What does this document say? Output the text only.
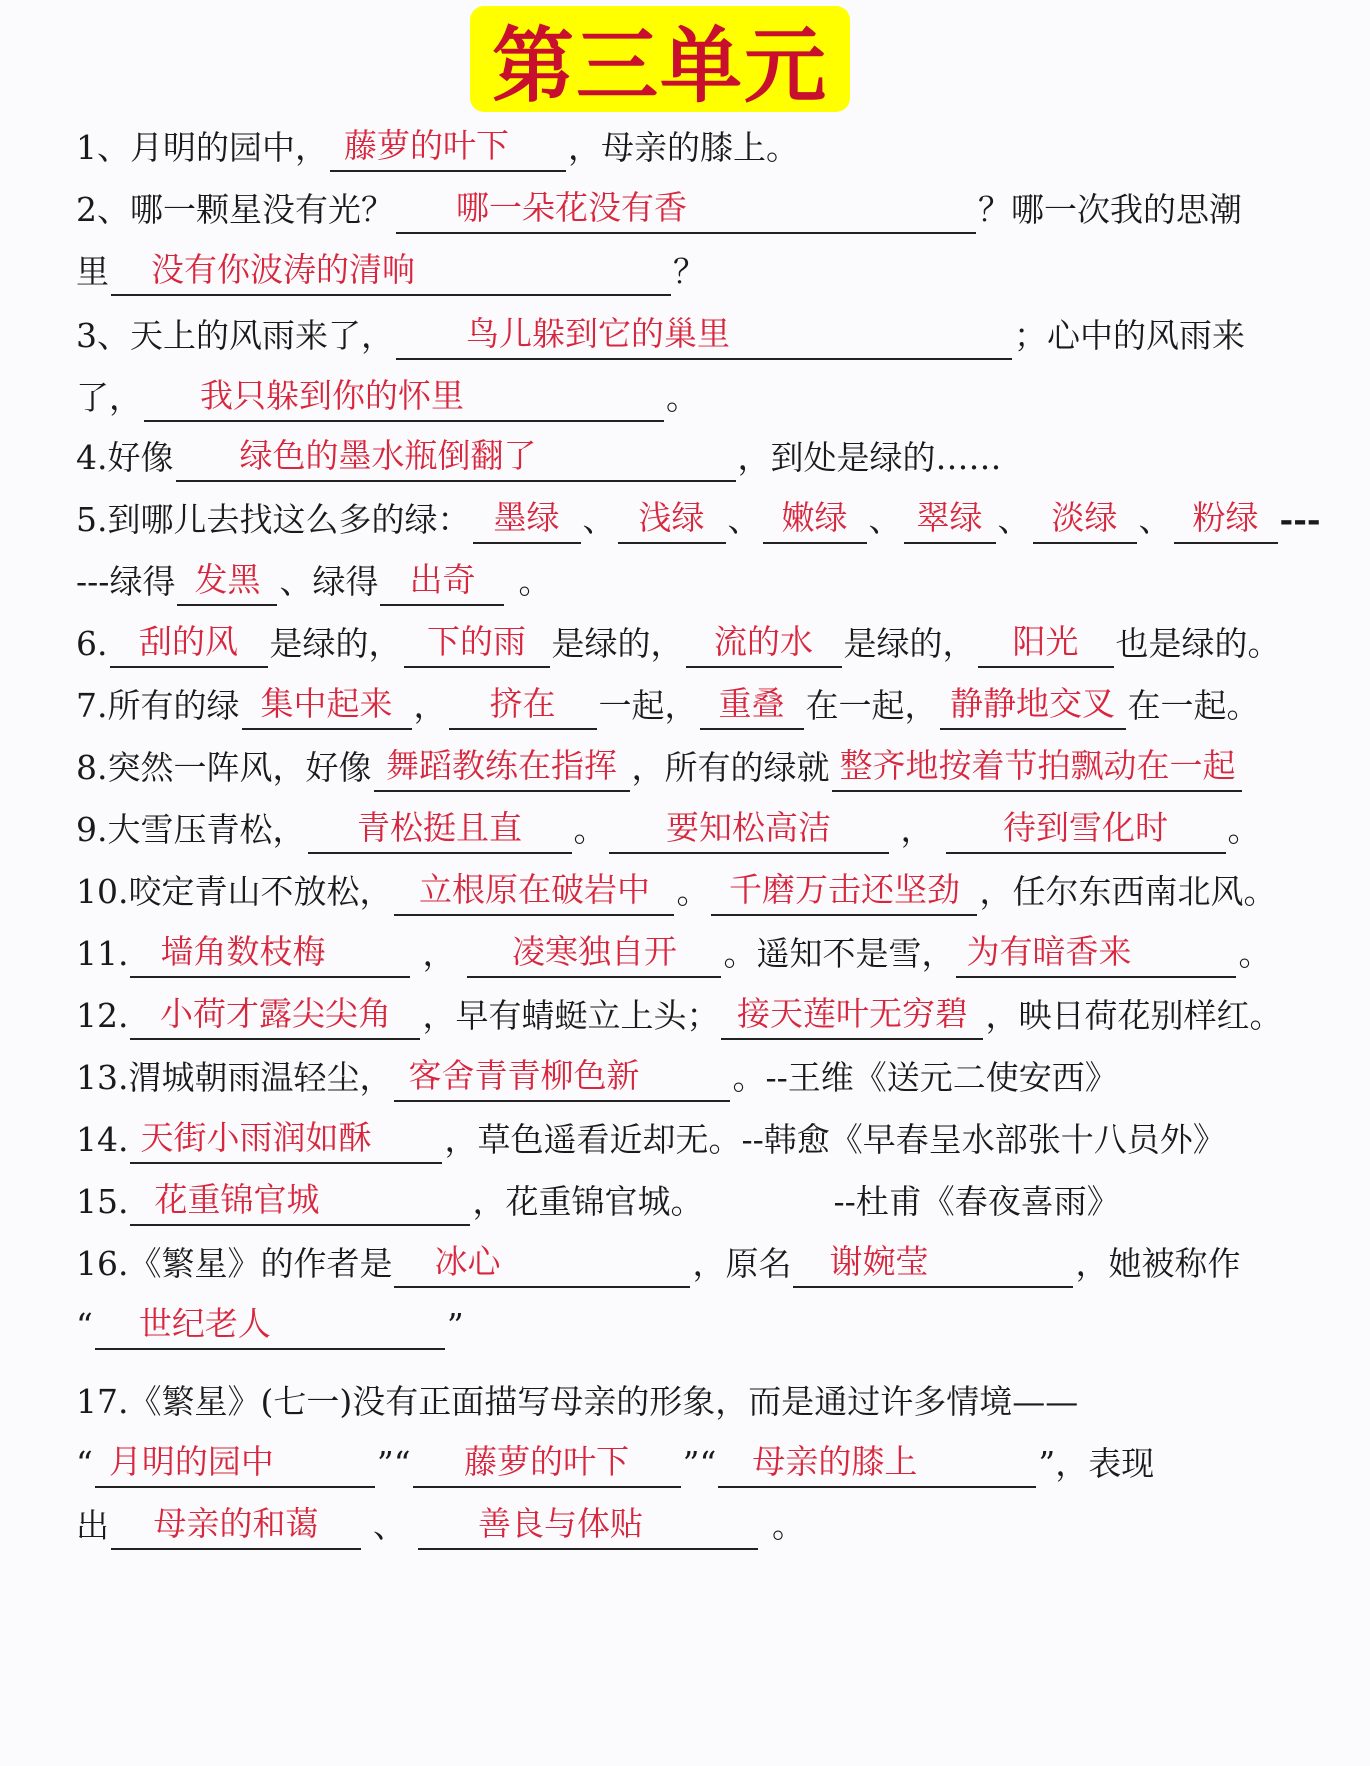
第三单元
1、月明的园中， 藤萝的叶下	，母亲的膝上。
2、哪一颗星没有光？	哪一朵花没有香	？哪一次我的思潮
里	没有你波涛的清响	？
3、天上的风雨来了，	鸟儿躲到它的巢里	；心中的风雨来
了，	我只躲到你的怀里	。
4.好像	绿色的墨水瓶倒翻了	，到处是绿的……
5.到哪儿去找这么多的绿： 墨绿 、 浅绿 、 嫩绿 、 翠绿 、 淡绿 、 粉绿 ---
---绿得 发黑 、绿得 出奇	。
6. 刮的风 是绿的， 下的雨 是绿的， 流的水 是绿的，	阳光	也是绿的。
7.所有的绿 集中起来 ，	挤在	一起， 重叠 在一起， 静静地交叉 在一起。
8.突然一阵风，好像 舞蹈教练在指挥 ，所有的绿就 整齐地按着节拍飘动在一起
9.大雪压青松，	青松挺且直	。	要知松高洁	，	待到雪化时	。
10.咬定青山不放松， 立根原在破岩中 。 千磨万击还坚劲 ，任尔东西南北风。
11. 墙角数枝梅	，	凌寒独自开	。遥知不是雪， 为有暗香来	。
12. 小荷才露尖尖角 ，早有蜻蜓立上头； 接天莲叶无穷碧 ，映日荷花别样红。
13.渭城朝雨温轻尘， 客舍青青柳色新	。--王维《送元二使安西》
14. 天街小雨润如酥	，草色遥看近却无。--韩愈《早春呈水部张十八员外》
15. 花重锦官城	，花重锦官城。	--杜甫《春夜喜雨》
16.《繁星》的作者是	冰心	，原名	谢婉莹	，她被称作
“	世纪老人	”
17.《繁星》(七一)没有正面描写母亲的形象，而是通过许多情境——
“ 月明的园中	”“	藤萝的叶下	”“	母亲的膝上	”，表现
出	母亲的和蔼	、	善良与体贴	。
